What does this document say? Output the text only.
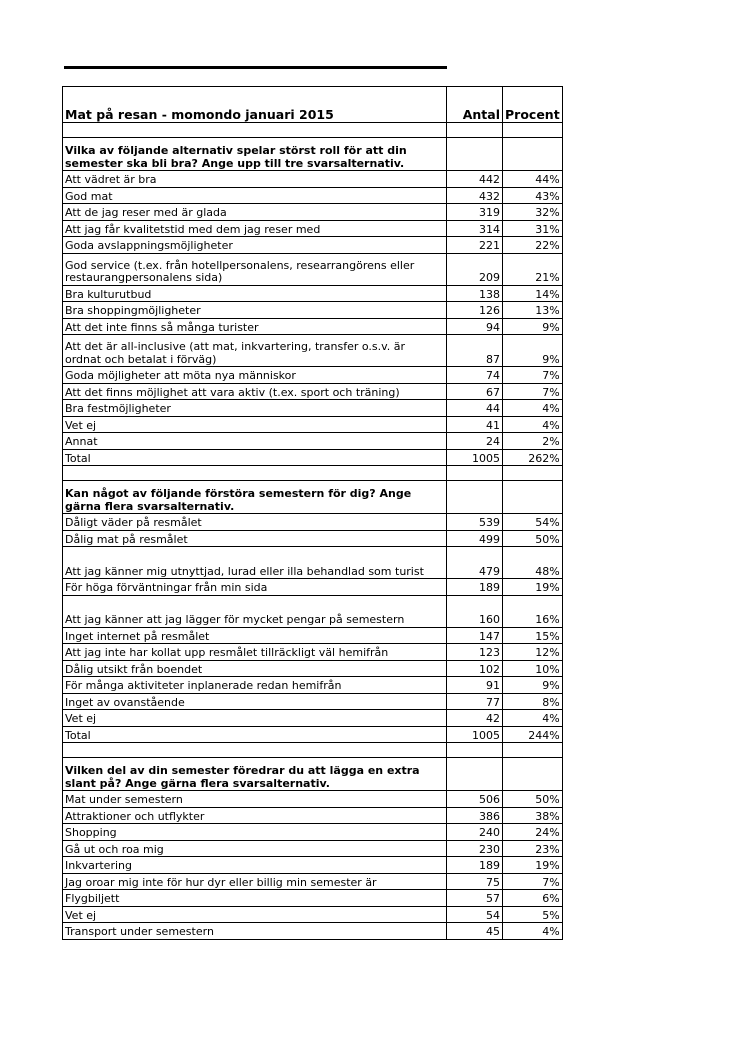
Mat på resan - momondo januari 2015	Antal	Procent

Vilka av följande alternativ spelar störst roll för att din semester ska bli bra? Ange upp till tre svarsalternativ.		
Att vädret är bra	442	44%
God mat	432	43%
Att de jag reser med är glada	319	32%
Att jag får kvalitetstid med dem jag reser med	314	31%
Goda avslappningsmöjligheter	221	22%
God service (t.ex. från hotellpersonalens, researrangörens eller restaurangpersonalens sida)	209	21%
Bra kulturutbud	138	14%
Bra shoppingmöjligheter	126	13%
Att det inte finns så många turister	94	9%
Att det är all-inclusive (att mat, inkvartering, transfer o.s.v. är ordnat och betalat i förväg)	87	9%
Goda möjligheter att möta nya människor	74	7%
Att det finns möjlighet att vara aktiv (t.ex. sport och träning)	67	7%
Bra festmöjligheter	44	4%
Vet ej	41	4%
Annat	24	2%
Total	1005	262%

Kan något av följande förstöra semestern för dig? Ange gärna flera svarsalternativ.		
Dåligt väder på resmålet	539	54%
Dålig mat på resmålet	499	50%
Att jag känner mig utnyttjad, lurad eller illa behandlad som turist	479	48%
För höga förväntningar från min sida	189	19%
Att jag känner att jag lägger för mycket pengar på semestern	160	16%
Inget internet på resmålet	147	15%
Att jag inte har kollat upp resmålet tillräckligt väl hemifrån	123	12%
Dålig utsikt från boendet	102	10%
För många aktiviteter inplanerade redan hemifrån	91	9%
Inget av ovanstående	77	8%
Vet ej	42	4%
Total	1005	244%

Vilken del av din semester föredrar du att lägga en extra slant på? Ange gärna flera svarsalternativ.		
Mat under semestern	506	50%
Attraktioner och utflykter	386	38%
Shopping	240	24%
Gå ut och roa mig	230	23%
Inkvartering	189	19%
Jag oroar mig inte för hur dyr eller billig min semester är	75	7%
Flygbiljett	57	6%
Vet ej	54	5%
Transport under semestern	45	4%
